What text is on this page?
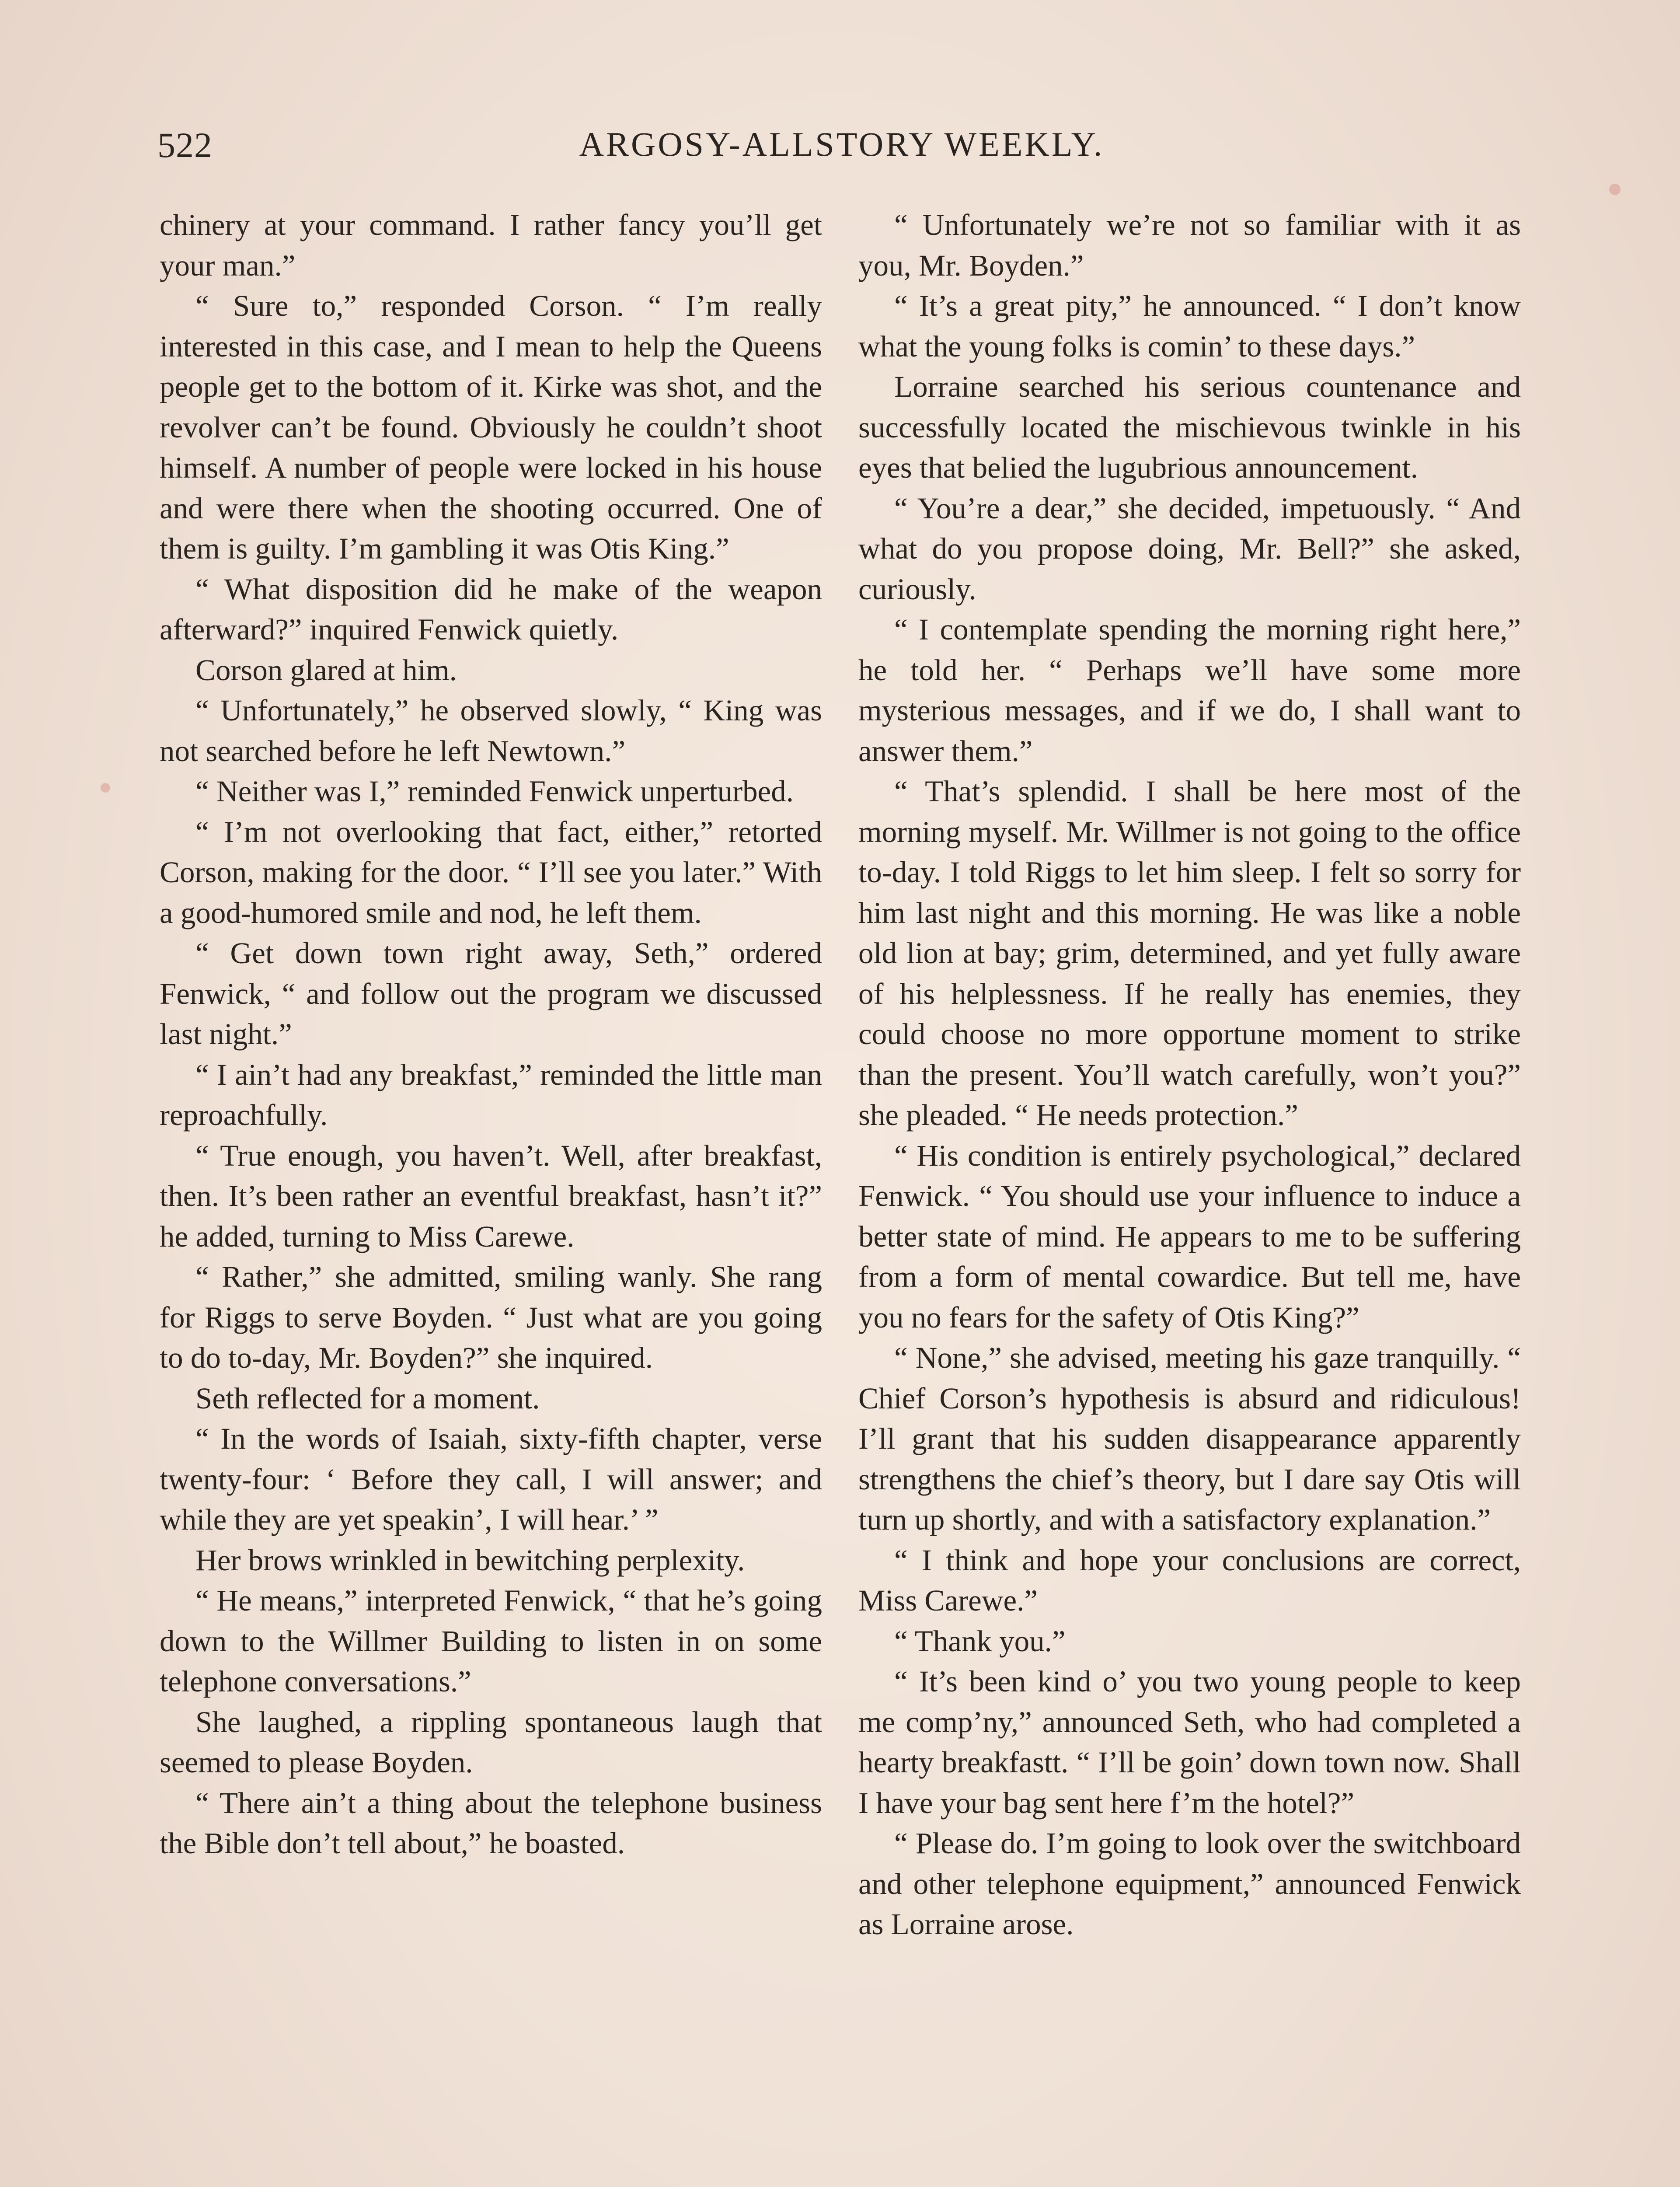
522	ARGOSY-ALLSTORY WEEKLY.

chinery at your command. I rather fancy you’ll get your man.”

“ Sure to,” responded Corson. “ I’m really interested in this case, and I mean to help the Queens people get to the bottom of it. Kirke was shot, and the revolver can’t be found. Obviously he couldn’t shoot himself. A number of people were locked in his house and were there when the shooting occurred. One of them is guilty. I’m gambling it was Otis King.”

“ What disposition did he make of the weapon afterward?” inquired Fenwick quietly.

Corson glared at him.

“ Unfortunately,” he observed slowly, “ King was not searched before he left Newtown.”

“ Neither was I,” reminded Fenwick unperturbed.

“ I’m not overlooking that fact, either,” retorted Corson, making for the door. “ I’ll see you later.” With a good-humored smile and nod, he left them.

“ Get down town right away, Seth,” ordered Fenwick, “ and follow out the program we discussed last night.”

“ I ain’t had any breakfast,” reminded the little man reproachfully.

“ True enough, you haven’t. Well, after breakfast, then. It’s been rather an eventful breakfast, hasn’t it?” he added, turning to Miss Carewe.

“ Rather,” she admitted, smiling wanly. She rang for Riggs to serve Boyden. “ Just what are you going to do to-day, Mr. Boyden?” she inquired.

Seth reflected for a moment.

“ In the words of Isaiah, sixty-fifth chapter, verse twenty-four: ‘ Before they call, I will answer; and while they are yet speakin’, I will hear.’ ”

Her brows wrinkled in bewitching perplexity.

“ He means,” interpreted Fenwick, “ that he’s going down to the Willmer Building to listen in on some telephone conversations.”

She laughed, a rippling spontaneous laugh that seemed to please Boyden.

“ There ain’t a thing about the telephone business the Bible don’t tell about,” he boasted.

“ Unfortunately we’re not so familiar with it as you, Mr. Boyden.”

“ It’s a great pity,” he announced. “ I don’t know what the young folks is comin’ to these days.”

Lorraine searched his serious countenance and successfully located the mischievous twinkle in his eyes that belied the lugubrious announcement.

“ You’re a dear,” she decided, impetuously. “ And what do you propose doing, Mr. Bell?” she asked, curiously.

“ I contemplate spending the morning right here,” he told her. “ Perhaps we’ll have some more mysterious messages, and if we do, I shall want to answer them.”

“ That’s splendid. I shall be here most of the morning myself. Mr. Willmer is not going to the office to-day. I told Riggs to let him sleep. I felt so sorry for him last night and this morning. He was like a noble old lion at bay; grim, determined, and yet fully aware of his helplessness. If he really has enemies, they could choose no more opportune moment to strike than the present. You’ll watch carefully, won’t you?” she pleaded. “ He needs protection.”

“ His condition is entirely psychological,” declared Fenwick. “ You should use your influence to induce a better state of mind. He appears to me to be suffering from a form of mental cowardice. But tell me, have you no fears for the safety of Otis King?”

“ None,” she advised, meeting his gaze tranquilly. “ Chief Corson’s hypothesis is absurd and ridiculous! I’ll grant that his sudden disappearance apparently strengthens the chief’s theory, but I dare say Otis will turn up shortly, and with a satisfactory explanation.”

“ I think and hope your conclusions are correct, Miss Carewe.”

“ Thank you.”

“ It’s been kind o’ you two young people to keep me comp’ny,” announced Seth, who had completed a hearty breakfastt. “ I’ll be goin’ down town now. Shall I have your bag sent here f’m the hotel?”

“ Please do. I’m going to look over the switchboard and other telephone equipment,” announced Fenwick as Lorraine arose.
